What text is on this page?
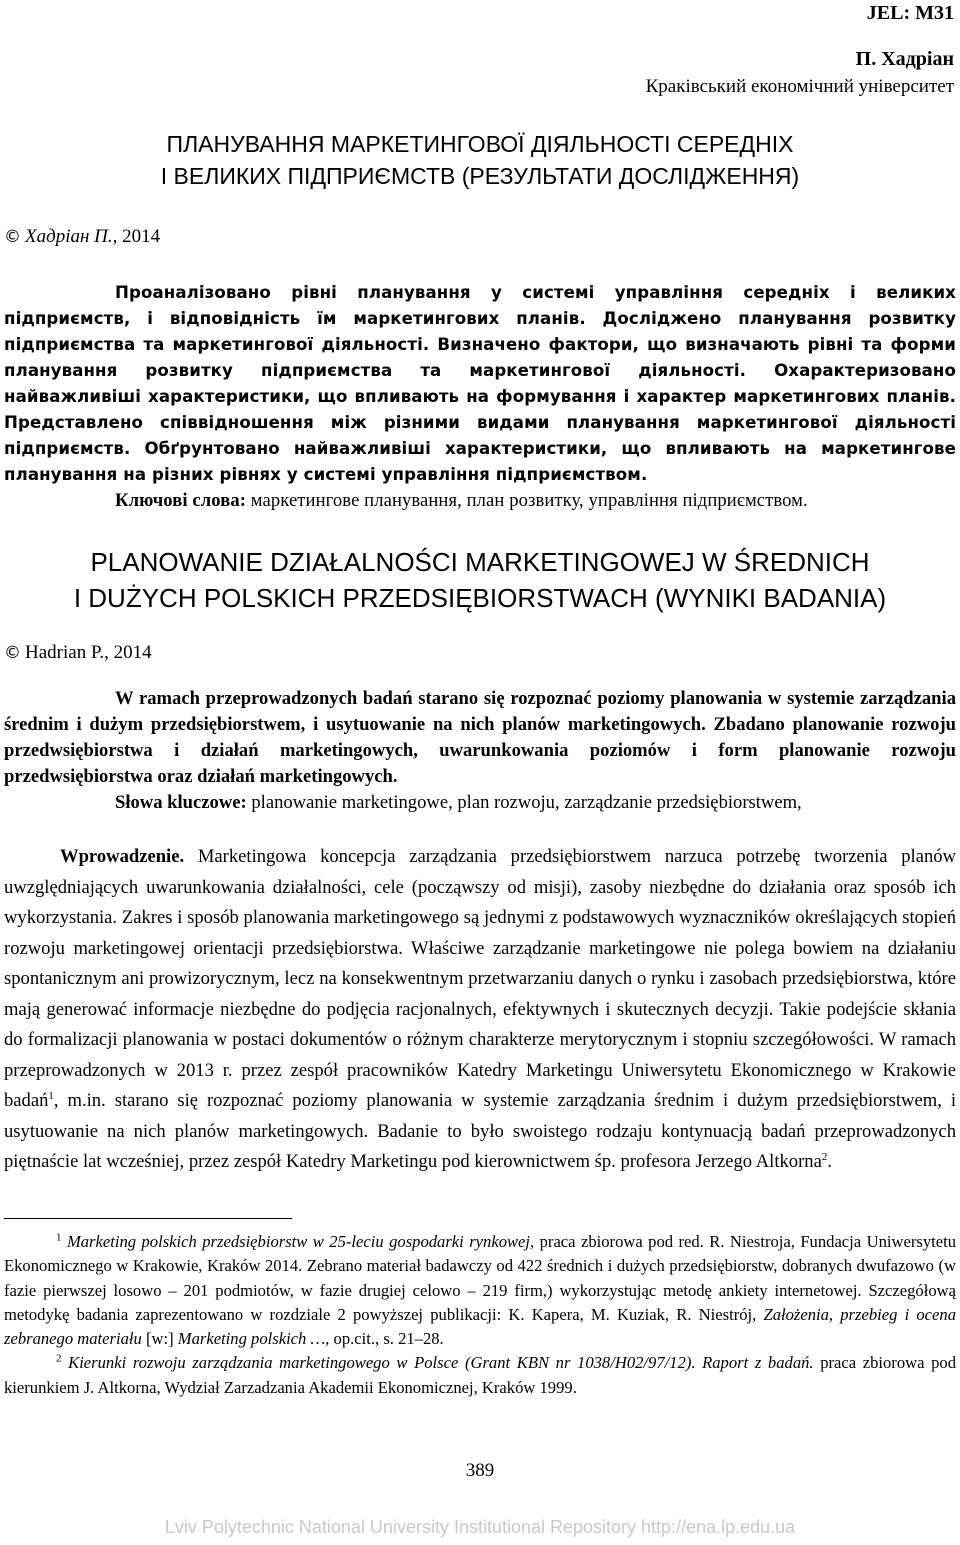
JEL: M31
П. Хадріан
Краківський економічний університет
ПЛАНУВАННЯ МАРКЕТИНГОВОЇ ДІЯЛЬНОСТІ СЕРЕДНІХ
І ВЕЛИКИХ ПІДПРИЄМСТВ (РЕЗУЛЬТАТИ ДОСЛІДЖЕННЯ)
© Хадріан П., 2014
Проаналізовано рівні планування у системі управління середніх і великих підприємств, і відповідність їм маркетингових планів. Досліджено планування розвитку підприємства та маркетингової діяльності. Визначено фактори, що визначають рівні та форми планування розвитку підприємства та маркетингової діяльності. Охарактеризовано найважливіші характеристики, що впливають на формування і характер маркетингових планів. Представлено співвідношення між різними видами планування маркетингової діяльності підприємств. Обґрунтовано найважливіші характеристики, що впливають на маркетингове планування на різних рівнях у системі управління підприємством.
Ключові слова: маркетингове планування, план розвитку, управління підприємством.
PLANOWANIE DZIAŁALNOŚCI MARKETINGOWEJ W ŚREDNICH
I DUŻYCH POLSKICH PRZEDSIĘBIORSTWACH (WYNIKI BADANIA)
© Hadrian P., 2014
W ramach przeprowadzonych badań starano się rozpoznać poziomy planowania w systemie zarządzania średnim i dużym przedsiębiorstwem, i usytuowanie na nich planów marketingowych. Zbadano planowanie rozwoju przedwsiębiorstwa i działań marketingowych, uwarunkowania poziomów i form planowanie rozwoju przedwsiębiorstwa oraz działań marketingowych.
Słowa kluczowe: planowanie marketingowe, plan rozwoju, zarządzanie przedsiębiorstwem,

Wprowadzenie. Marketingowa koncepcja zarządzania przedsiębiorstwem narzuca potrzebę tworzenia planów uwzględniających uwarunkowania działalności, cele (począwszy od misji), zasoby niezbędne do działania oraz sposób ich wykorzystania. Zakres i sposób planowania marketingowego są jednymi z podstawowych wyznaczników określających stopień rozwoju marketingowej orientacji przedsiębiorstwa. Właściwe zarządzanie marketingowe nie polega bowiem na działaniu spontanicznym ani prowizorycznym, lecz na konsekwentnym przetwarzaniu danych o rynku i zasobach przedsiębiorstwa, które mają generować informacje niezbędne do podjęcia racjonalnych, efektywnych i skutecznych decyzji. Takie podejście skłania do formalizacji planowania w postaci dokumentów o różnym charakterze merytorycznym i stopniu szczegółowości. W ramach przeprowadzonych w 2013 r. przez zespół pracowników Katedry Marketingu Uniwersytetu Ekonomicznego w Krakowie badań$^1$, m.in. starano się rozpoznać poziomy planowania w systemie zarządzania średnim i dużym przedsiębiorstwem, i usytuowanie na nich planów marketingowych. Badanie to było swoistego rodzaju kontynuacją badań przeprowadzonych piętnaście lat wcześniej, przez zespół Katedry Marketingu pod kierownictwem śp. profesora Jerzego Altkorna$^2$.

$^1$ Marketing polskich przedsiębiorstw w 25-leciu gospodarki rynkowej, praca zbiorowa pod red. R. Niestroja, Fundacja Uniwersytetu Ekonomicznego w Krakowie, Kraków 2014. Zebrano materiał badawczy od 422 średnich i dużych przedsiębiorstw, dobranych dwufazowo (w fazie pierwszej losowo – 201 podmiotów, w fazie drugiej celowo – 219 firm,) wykorzystując metodę ankiety internetowej. Szczegółową metodykę badania zaprezentowano w rozdziale 2 powyższej publikacji: K. Kapera, M. Kuziak, R. Niestrój, Założenia, przebieg i ocena zebranego materiału [w:] Marketing polskich …, op.cit., s. 21–28.

$^2$ Kierunki rozwoju zarządzania marketingowego w Polsce (Grant KBN nr 1038/H02/97/12). Raport z badań. praca zbiorowa pod kierunkiem J. Altkorna, Wydział Zarzadzania Akademii Ekonomicznej, Kraków 1999.

389
Lviv Polytechnic National University Institutional Repository http://ena.lp.edu.ua
